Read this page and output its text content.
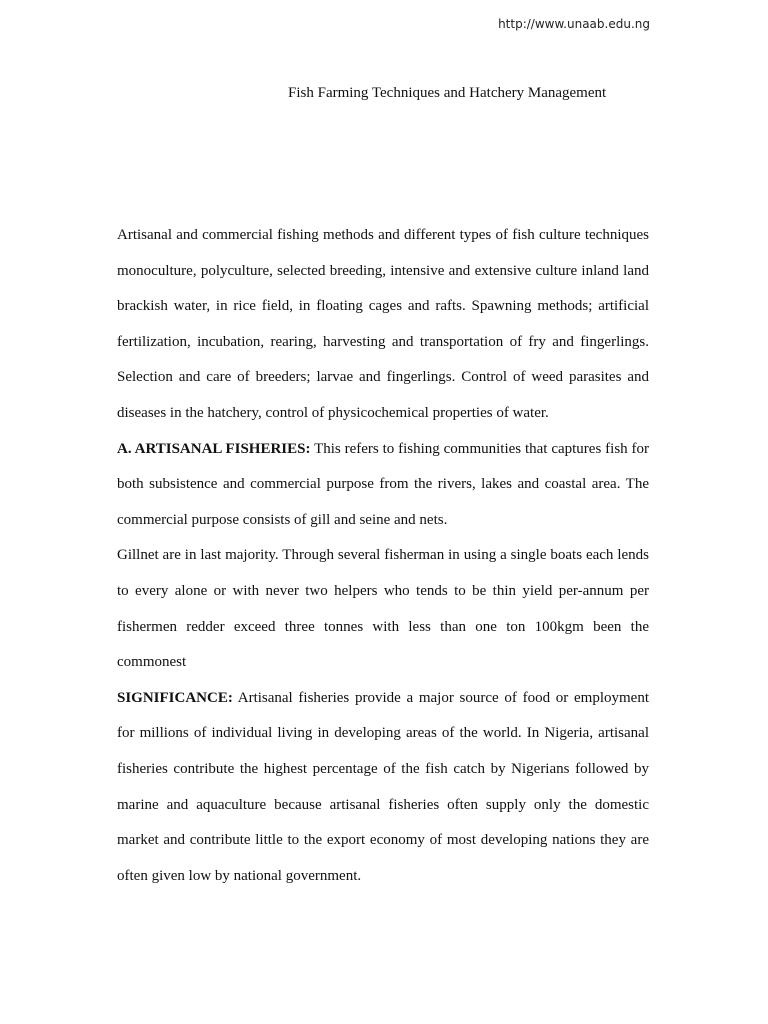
http://www.unaab.edu.ng
Fish Farming Techniques and Hatchery Management

Artisanal and commercial fishing methods and different types of fish culture techniques monoculture, polyculture, selected breeding, intensive and extensive culture inland land brackish water, in rice field, in floating cages and rafts. Spawning methods; artificial fertilization, incubation, rearing, harvesting and transportation of fry and fingerlings. Selection and care of breeders; larvae and fingerlings. Control of weed parasites and diseases in the hatchery, control of physicochemical properties of water.

A. ARTISANAL FISHERIES: This refers to fishing communities that captures fish for both subsistence and commercial purpose from the rivers, lakes and coastal area. The commercial purpose consists of gill and seine and nets.

Gillnet are in last majority. Through several fisherman in using a single boats each lends to every alone or with never two helpers who tends to be thin yield per-annum per fishermen redder exceed three tonnes with less than one ton 100kgm been the commonest

SIGNIFICANCE: Artisanal fisheries provide a major source of food or employment for millions of individual living in developing areas of the world. In Nigeria, artisanal fisheries contribute the highest percentage of the fish catch by Nigerians followed by marine and aquaculture because artisanal fisheries often supply only the domestic market and contribute little to the export economy of most developing nations they are often given low by national government.
